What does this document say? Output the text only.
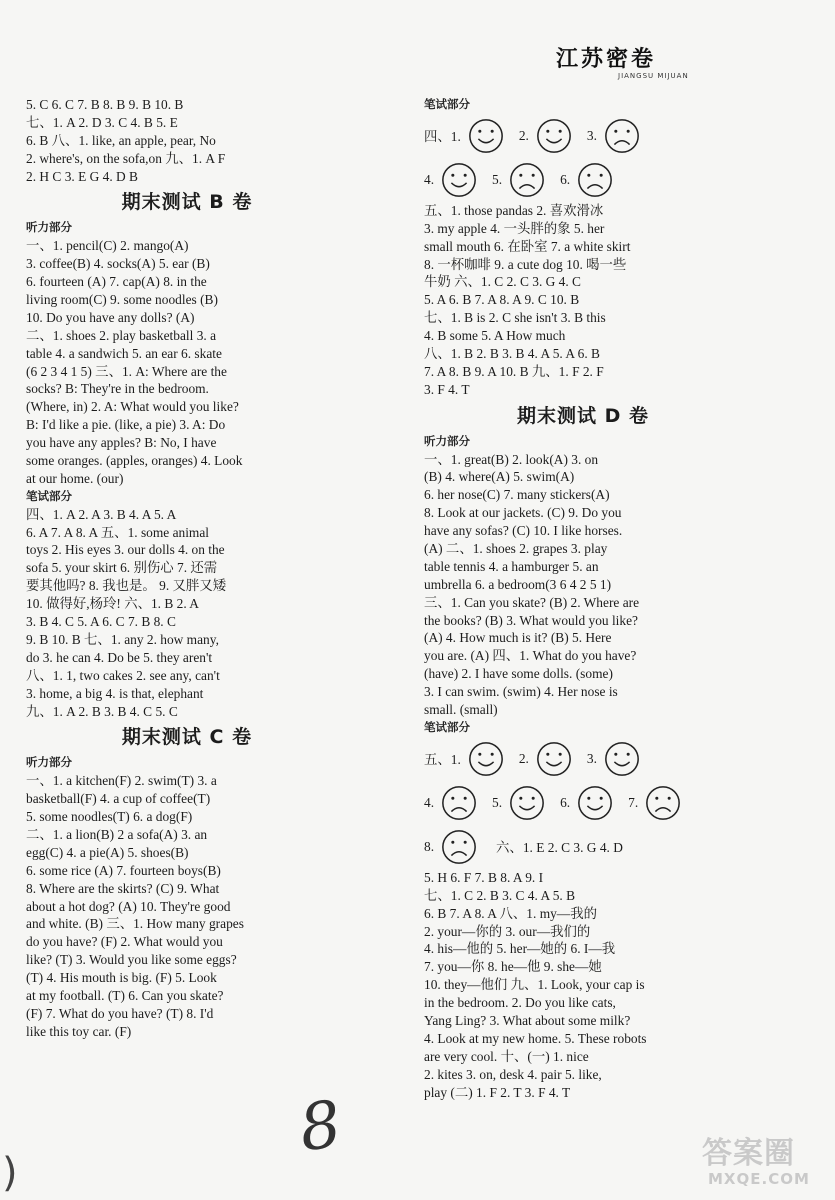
江苏密卷
JIANGSU MIJUAN
5. C 6. C 7. B 8. B 9. B 10. B
七、1. A 2. D 3. C 4. B 5. E
6. B 八、1. like, an apple, pear, No
2. where's, on the sofa,on 九、1. A F
2. H C 3. E G 4. D B
期末测试 B 卷
听力部分
一、1. pencil(C) 2. mango(A)
3. coffee(B) 4. socks(A) 5. ear (B)
6. fourteen (A) 7. cap(A) 8. in the
living room(C) 9. some noodles (B)
10. Do you have any dolls? (A)
二、1. shoes 2. play basketball 3. a
table 4. a sandwich 5. an ear 6. skate
(6 2 3 4 1 5) 三、1. A: Where are the
socks? B: They're in the bedroom.
(Where, in) 2. A: What would you like?
B: I'd like a pie. (like, a pie) 3. A: Do
you have any apples? B: No, I have
some oranges. (apples, oranges) 4. Look
at our home. (our)
笔试部分
四、1. A 2. A 3. B 4. A 5. A
6. A 7. A 8. A 五、1. some animal
toys 2. His eyes 3. our dolls 4. on the
sofa 5. your skirt 6. 别伤心 7. 还需
要其他吗? 8. 我也是。 9. 又胖又矮
10. 做得好,杨玲! 六、1. B 2. A
3. B 4. C 5. A 6. C 7. B 8. C
9. B 10. B 七、1. any 2. how many,
do 3. he can 4. Do be 5. they aren't
八、1. 1, two cakes 2. see any, can't
3. home, a big 4. is that, elephant
九、1. A 2. B 3. B 4. C 5. C
期末测试 C 卷
听力部分
一、1. a kitchen(F) 2. swim(T) 3. a
basketball(F) 4. a cup of coffee(T)
5. some noodles(T) 6. a dog(F)
二、1. a lion(B) 2 a sofa(A) 3. an
egg(C) 4. a pie(A) 5. shoes(B)
6. some rice (A) 7. fourteen boys(B)
8. Where are the skirts? (C) 9. What
about a hot dog? (A) 10. They're good
and white. (B) 三、1. How many grapes
do you have? (F) 2. What would you
like? (T) 3. Would you like some eggs?
(T) 4. His mouth is big. (F) 5. Look
at my football. (T) 6. Can you skate?
(F) 7. What do you have? (T) 8. I'd
like this toy car. (F)
笔试部分
四、1.	2.	3.
4.	5.	6.
五、1. those pandas 2. 喜欢滑冰
3. my apple 4. 一头胖的象 5. her
small mouth 6. 在卧室 7. a white skirt
8. 一杯咖啡 9. a cute dog 10. 喝一些
牛奶 六、1. C 2. C 3. G 4. C
5. A 6. B 7. A 8. A 9. C 10. B
七、1. B is 2. C she isn't 3. B this
4. B some 5. A How much
八、1. B 2. B 3. B 4. A 5. A 6. B
7. A 8. B 9. A 10. B 九、1. F 2. F
3. F 4. T
期末测试 D 卷
听力部分
一、1. great(B) 2. look(A) 3. on
(B) 4. where(A) 5. swim(A)
6. her nose(C) 7. many stickers(A)
8. Look at our jackets. (C) 9. Do you
have any sofas? (C) 10. I like horses.
(A) 二、1. shoes 2. grapes 3. play
table tennis 4. a hamburger 5. an
umbrella 6. a bedroom(3 6 4 2 5 1)
三、1. Can you skate? (B) 2. Where are
the books? (B) 3. What would you like?
(A) 4. How much is it? (B) 5. Here
you are. (A) 四、1. What do you have?
(have) 2. I have some dolls. (some)
3. I can swim. (swim) 4. Her nose is
small. (small)
笔试部分
五、1.	2.	3.
4.	5.	6.	7.
8.	六、1. E 2. C 3. G 4. D
5. H 6. F 7. B 8. A 9. I
七、1. C 2. B 3. C 4. A 5. B
6. B 7. A 8. A 八、1. my—我的
2. your—你的 3. our—我们的
4. his—他的 5. her—她的 6. I—我
7. you—你 8. he—他 9. she—她
10. they—他们 九、1. Look, your cap is
in the bedroom. 2. Do you like cats,
Yang Ling? 3. What about some milk?
4. Look at my new home. 5. These robots
are very cool. 十、(一) 1. nice
2. kites 3. on, desk 4. pair 5. like,
play (二) 1. F 2. T 3. F 4. T
8
)	答案圈
MXQE.COM
